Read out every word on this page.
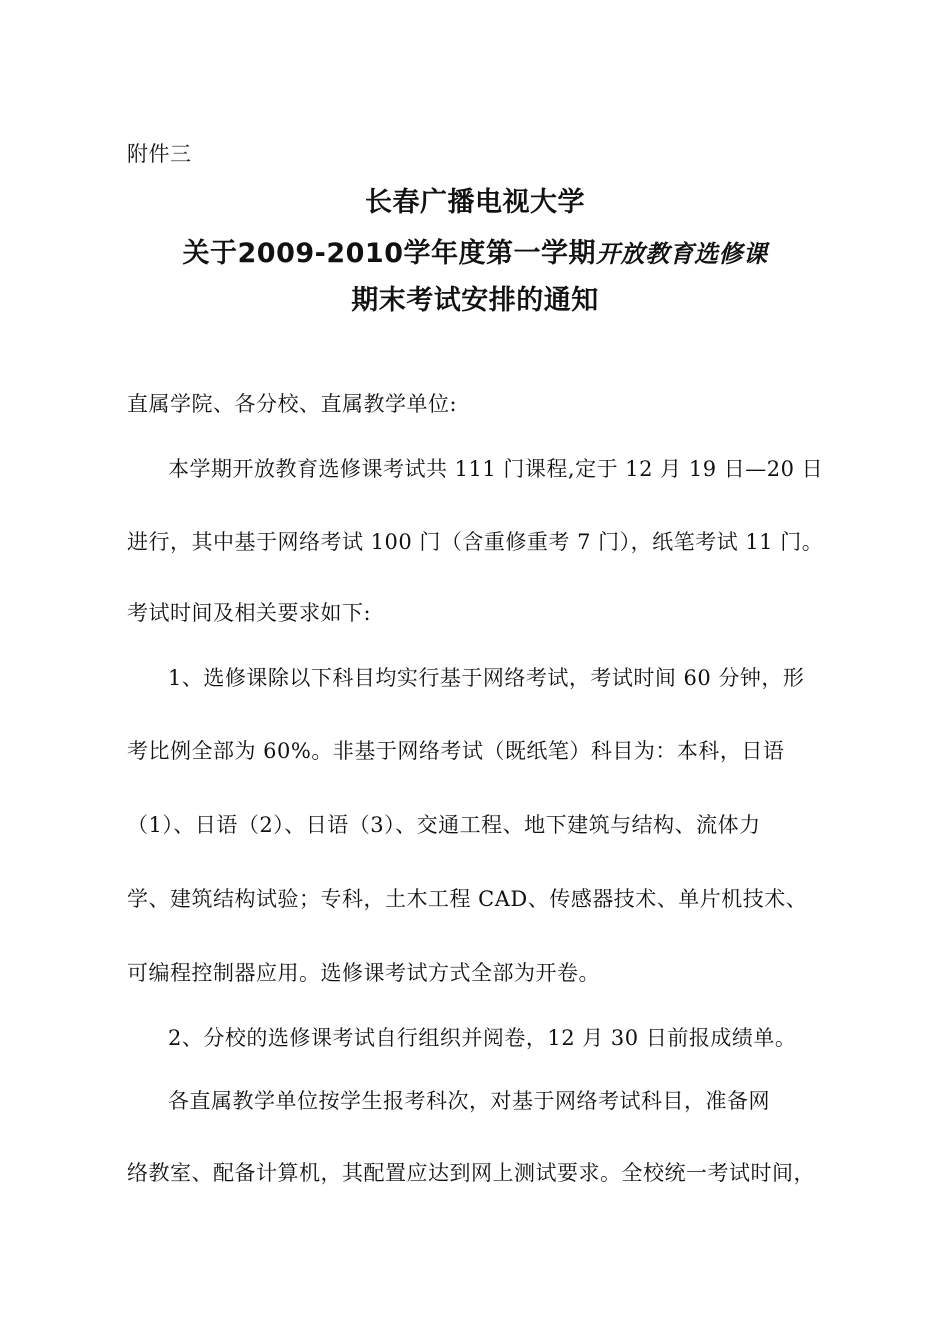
附件三
长春广播电视大学
关于2009-2010学年度第一学期开放教育选修课
期末考试安排的通知
直属学院、各分校、直属教学单位:
本学期开放教育选修课考试共 111 门课程,定于 12 月 19 日—20 日
进行，其中基于网络考试 100 门（含重修重考 7 门），纸笔考试 11 门。
考试时间及相关要求如下:
1、选修课除以下科目均实行基于网络考试，考试时间 60 分钟，形
考比例全部为 60%。非基于网络考试（既纸笔）科目为：本科，日语
（1）、日语（2）、日语（3）、交通工程、地下建筑与结构、流体力
学、建筑结构试验；专科，土木工程 CAD、传感器技术、单片机技术、
可编程控制器应用。选修课考试方式全部为开卷。
2、分校的选修课考试自行组织并阅卷，12 月 30 日前报成绩单。
各直属教学单位按学生报考科次，对基于网络考试科目，准备网
络教室、配备计算机，其配置应达到网上测试要求。全校统一考试时间，
